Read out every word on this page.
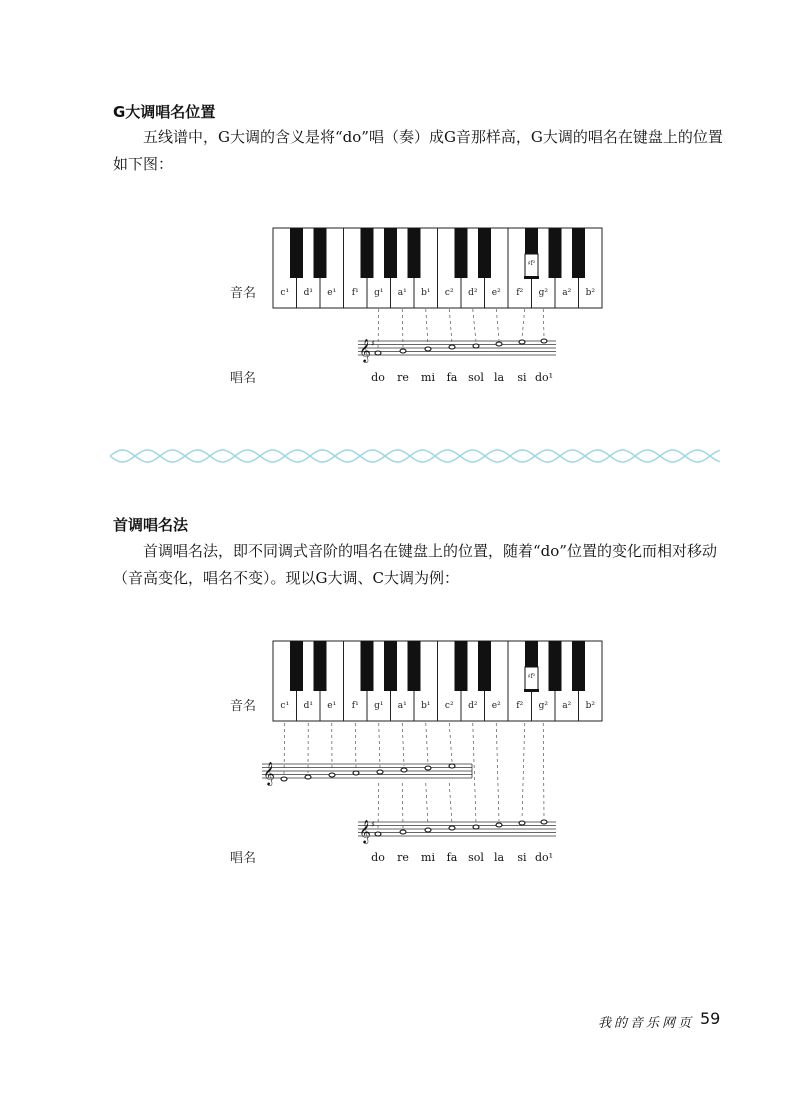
G大调唱名位置
五线谱中，G大调的含义是将“do”唱（奏）成G音那样高，G大调的唱名在键盘上的位置如下图：
c¹ d¹ e¹ f¹ g¹ a¹ b¹ c² d² e² f² g² a² b²
♯f²
音名
唱名
𝄞 ♯
do re mi fa sol la si do¹
首调唱名法
首调唱名法，即不同调式音阶的唱名在键盘上的位置，随着“do”位置的变化而相对移动（音高变化，唱名不变）。现以G大调、C大调为例：
c¹ d¹ e¹ f¹ g¹ a¹ b¹ c² d² e² f² g² a² b²
♯f²
音名
唱名
𝄞
𝄞 ♯
do re mi fa sol la si do¹
我的音乐网页 59
